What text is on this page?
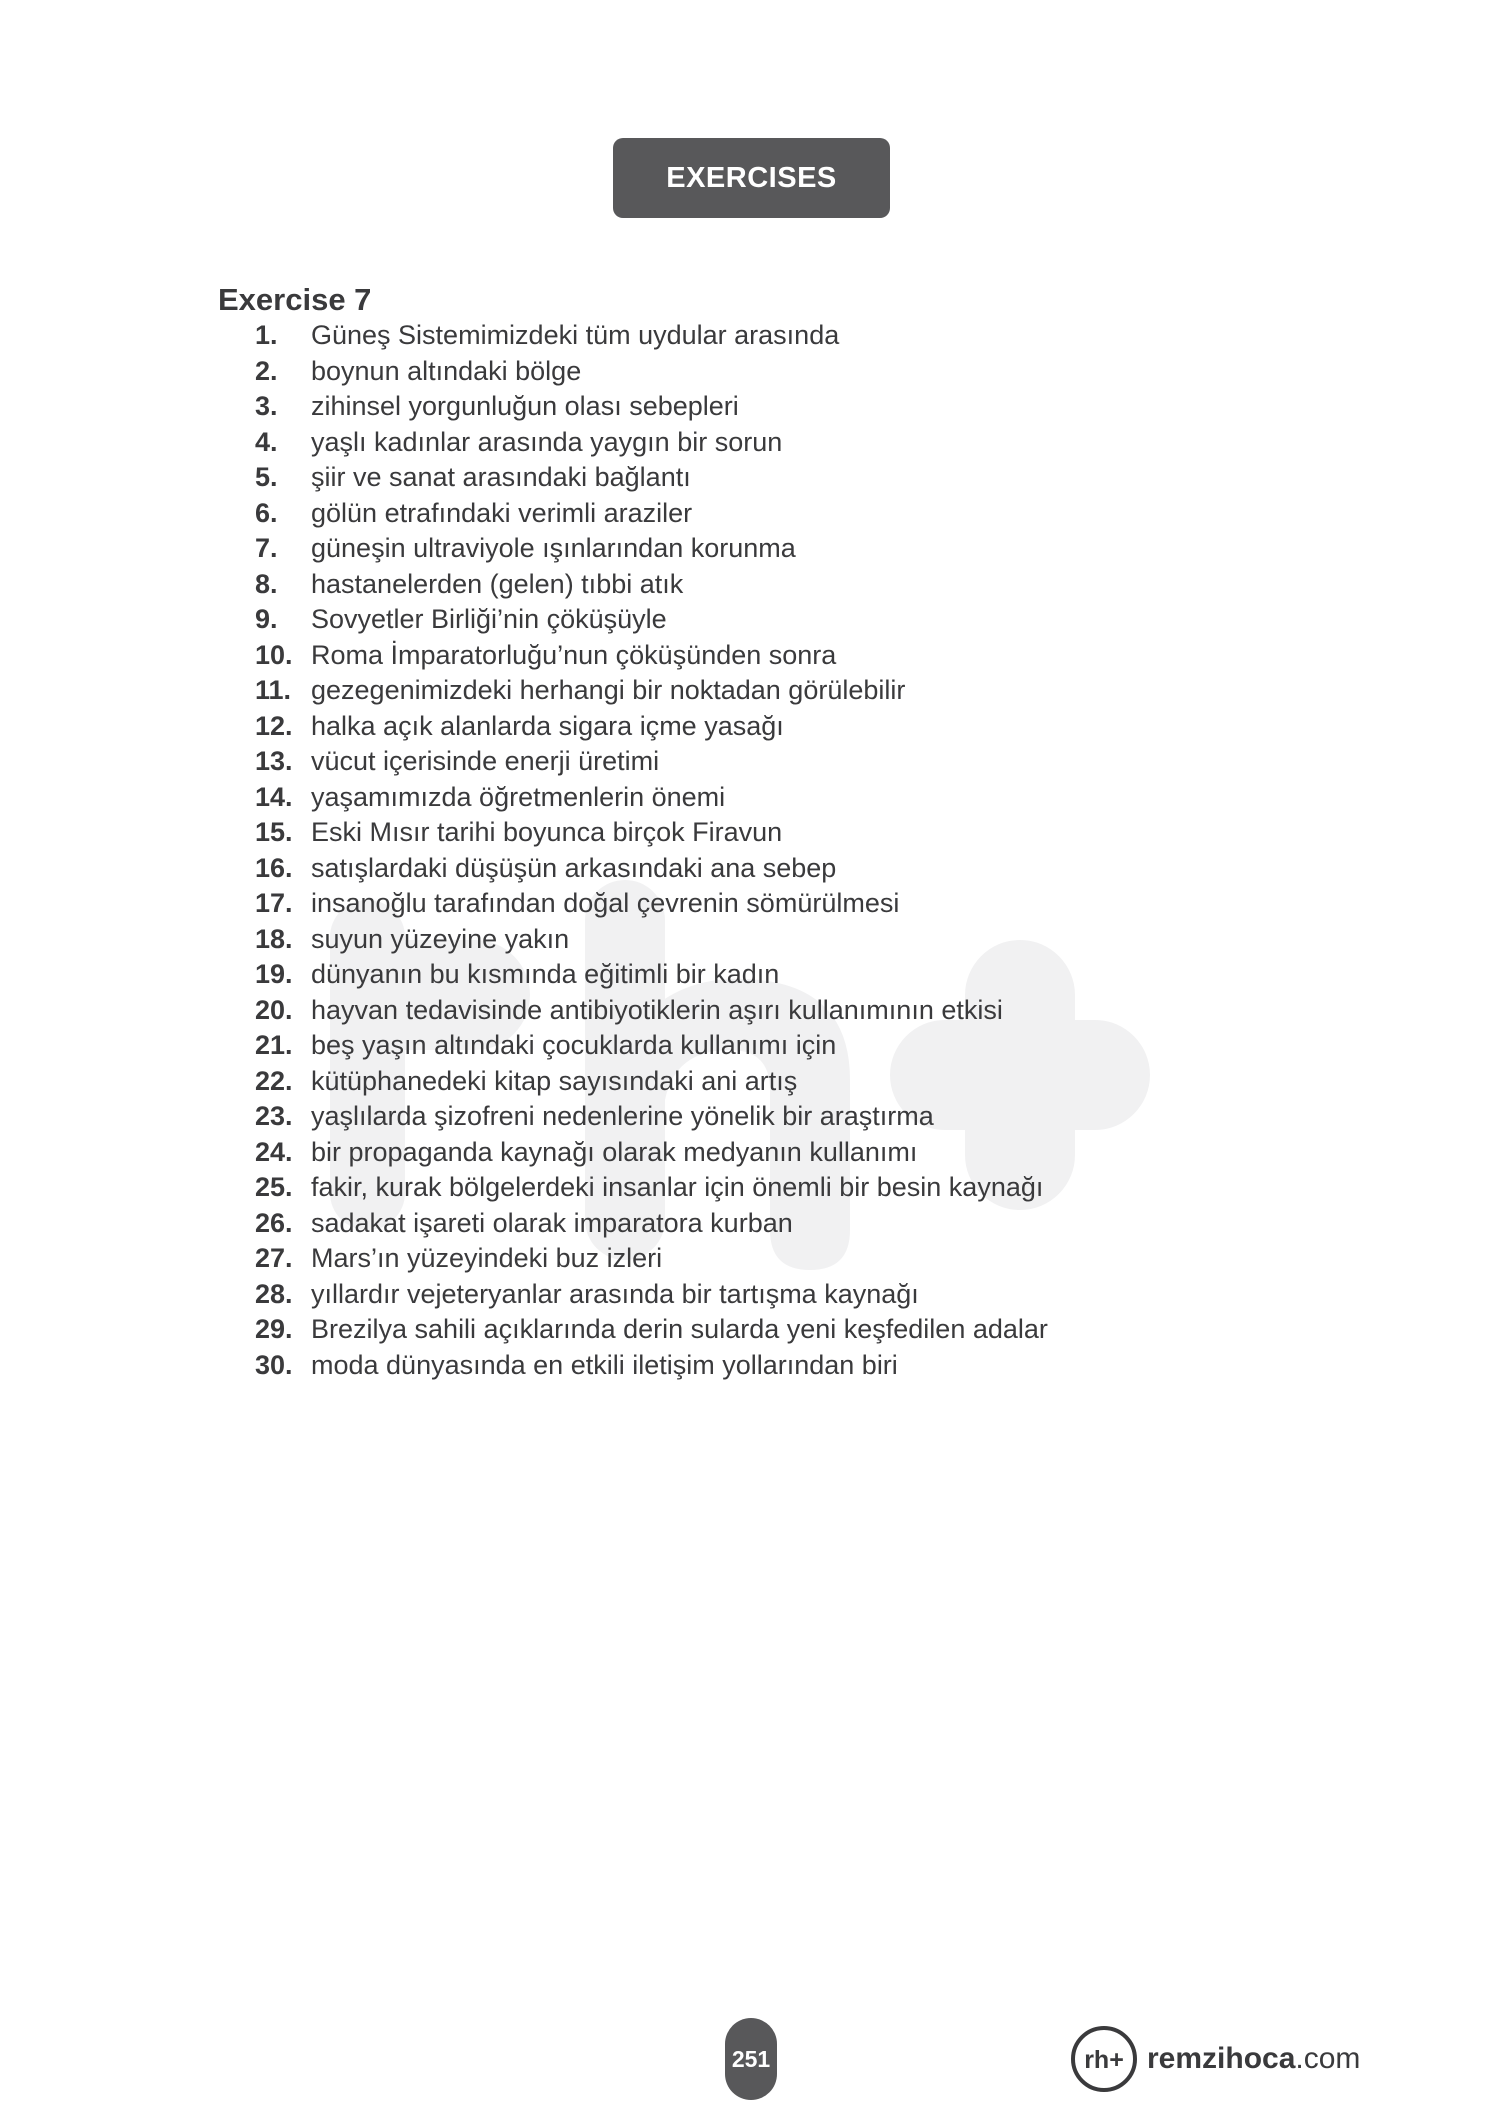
EXERCISES
Exercise 7
1.	Güneş Sistemimizdeki tüm uydular arasında
2.	boynun altındaki bölge
3.	zihinsel yorgunluğun olası sebepleri
4.	yaşlı kadınlar arasında yaygın bir sorun
5.	şiir ve sanat arasındaki bağlantı
6.	gölün etrafındaki verimli araziler
7.	güneşin ultraviyole ışınlarından korunma
8.	hastanelerden (gelen) tıbbi atık
9.	Sovyetler Birliği’nin çöküşüyle
10. Roma İmparatorluğu’nun çöküşünden sonra
11. gezegenimizdeki herhangi bir noktadan görülebilir
12. halka açık alanlarda sigara içme yasağı
13. vücut içerisinde enerji üretimi
14. yaşamımızda öğretmenlerin önemi
15. Eski Mısır tarihi boyunca birçok Firavun
16. satışlardaki düşüşün arkasındaki ana sebep
17. insanoğlu tarafından doğal çevrenin sömürülmesi
18. suyun yüzeyine yakın
19. dünyanın bu kısmında eğitimli bir kadın
20. hayvan tedavisinde antibiyotiklerin aşırı kullanımının etkisi
21. beş yaşın altındaki çocuklarda kullanımı için
22. kütüphanedeki kitap sayısındaki ani artış
23. yaşlılarda şizofreni nedenlerine yönelik bir araştırma
24. bir propaganda kaynağı olarak medyanın kullanımı
25. fakir, kurak bölgelerdeki insanlar için önemli bir besin kaynağı
26. sadakat işareti olarak imparatora kurban
27. Mars’ın yüzeyindeki buz izleri
28. yıllardır vejeteryanlar arasında bir tartışma kaynağı
29. Brezilya sahili açıklarında derin sularda yeni keşfedilen adalar
30. moda dünyasında en etkili iletişim yollarından biri
251	rh+ remzihoca.com
